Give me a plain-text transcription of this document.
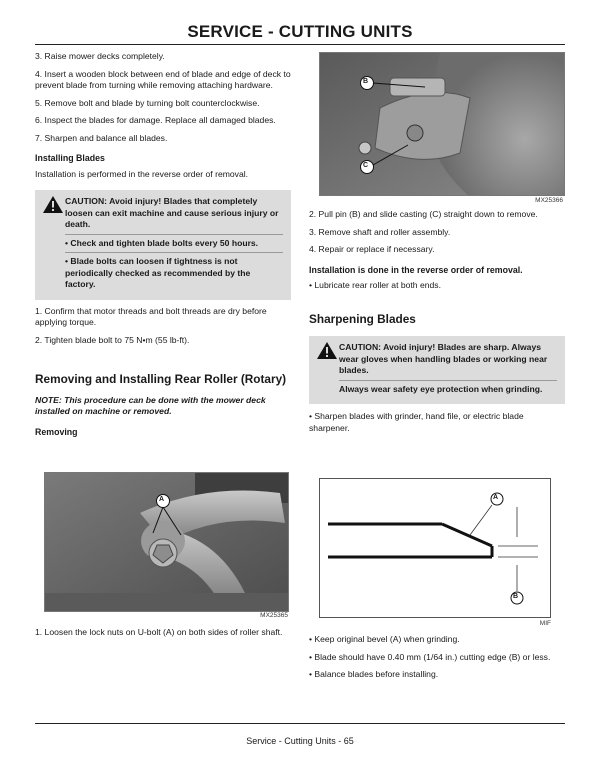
SERVICE - CUTTING UNITS

3. Raise mower decks completely.

4. Insert a wooden block between end of blade and edge of deck to prevent blade from turning while removing attaching hardware.

5. Remove bolt and blade by turning bolt counterclockwise.

6. Inspect the blades for damage. Replace all damaged blades.

7. Sharpen and balance all blades.

Installing Blades

Installation is performed in the reverse order of removal.

CAUTION: Avoid injury! Blades that completely loosen can exit machine and cause serious injury or death.

• Check and tighten blade bolts every 50 hours.

• Blade bolts can loosen if tightness is not periodically checked as recommended by the factory.

1. Confirm that motor threads and bolt threads are dry before applying torque.

2. Tighten blade bolt to 75 N•m (55 lb-ft).

Removing and Installing Rear Roller (Rotary)

NOTE: This procedure can be done with the mower deck installed on machine or removed.

Removing
A
MX25365

1. Loosen the lock nuts on U-bolt (A) on both sides of roller shaft.

B
C
MX25366

2. Pull pin (B) and slide casting (C) straight down to remove.

3. Remove shaft and roller assembly.

4. Repair or replace if necessary.

Installation is done in the reverse order of removal.

• Lubricate rear roller at both ends.

Sharpening Blades

CAUTION: Avoid injury! Blades are sharp. Always wear gloves when handling blades or working near blades.

Always wear safety eye protection when grinding.

• Sharpen blades with grinder, hand file, or electric blade sharpener.

A
B
MIF

• Keep original bevel (A) when grinding.

• Blade should have 0.40 mm (1/64 in.) cutting edge (B) or less.

• Balance blades before installing.

Service - Cutting Units - 65
